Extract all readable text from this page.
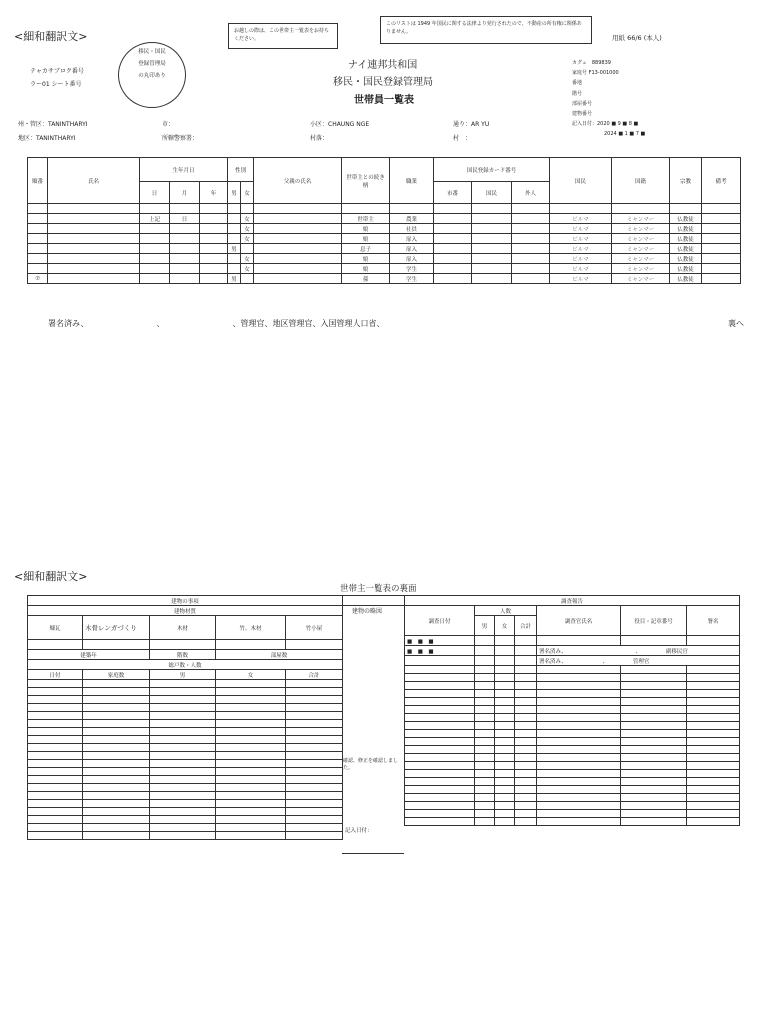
<細和翻訳文>	お越しの際は、この世帯主一覧表をお持ちください。
このリストは 1949 年国民に関する法律より発行されたので、不動産の所有権に関係ありません。
用紙 66/6 (本人)
テャカサブロク番号
ラー01 シート番号
移民・国民
登録管理局
の丸印あり
ナイ連邦共和国
移民・国民登録管理局
世帯員一覧表
カグェ　889839
家庭号 F13-001000
番地
階号
部屋番号
建物番号
記入日付：2020 ■ 9 ■ 8 ■
2024 ■ 1 ■ 7 ■
州・管区：TANINTHARYI	市：	小区：CHAUNG NGE	通り：AR YU
地区：TANINTHARYI	所轄警察署：	村落：	村　：
順番	氏名	生年月日			性別		父親の氏名	世帯主との続き柄	職業	国民登録カード番号			国民	国籍	宗教	備考
		日	月	年	男	女				市番	国民	外人				

		上記	日			女		世帯主	農業				ビルマ	ミャンマー	仏教徒	
						女		娘	社員				ビルマ	ミャンマー	仏教徒	
						女		娘	扉入				ビルマ	ミャンマー	仏教徒	
					男			息子	扉入				ビルマ	ミャンマー	仏教徒	
						女		娘	扉入				ビルマ	ミャンマー	仏教徒	
						女		娘	学生				ビルマ	ミャンマー	仏教徒	
⑦					男			孫	学生				ビルマ	ミャンマー	仏教徒	
署名済み、　　　　　　　　　、　　　　　　　　　、管理官、地区管理官、入国管理人口省、	裏へ
<細和翻訳文>
世帯主一覧表の裏面
建物の事項				
建物材質				
煉瓦	木骨レンガづくり	木材	竹、木材	竹小屋

建築年		階数	部屋数	
総戸数・人数				
日付	家庭数	男	女	合計

建物の略図
確認、修正を確認しました。
記入日付：
調査報告						
調査日付	人数			調査官氏名	役目・記章番号	署名
	男	女	合計			
■　■　■						
■　■　■				署名済み、　　　　　　　　　　　　　、　　　　　副移民官		
				署名済み、　　　　　　　、　　　　　管理官		
